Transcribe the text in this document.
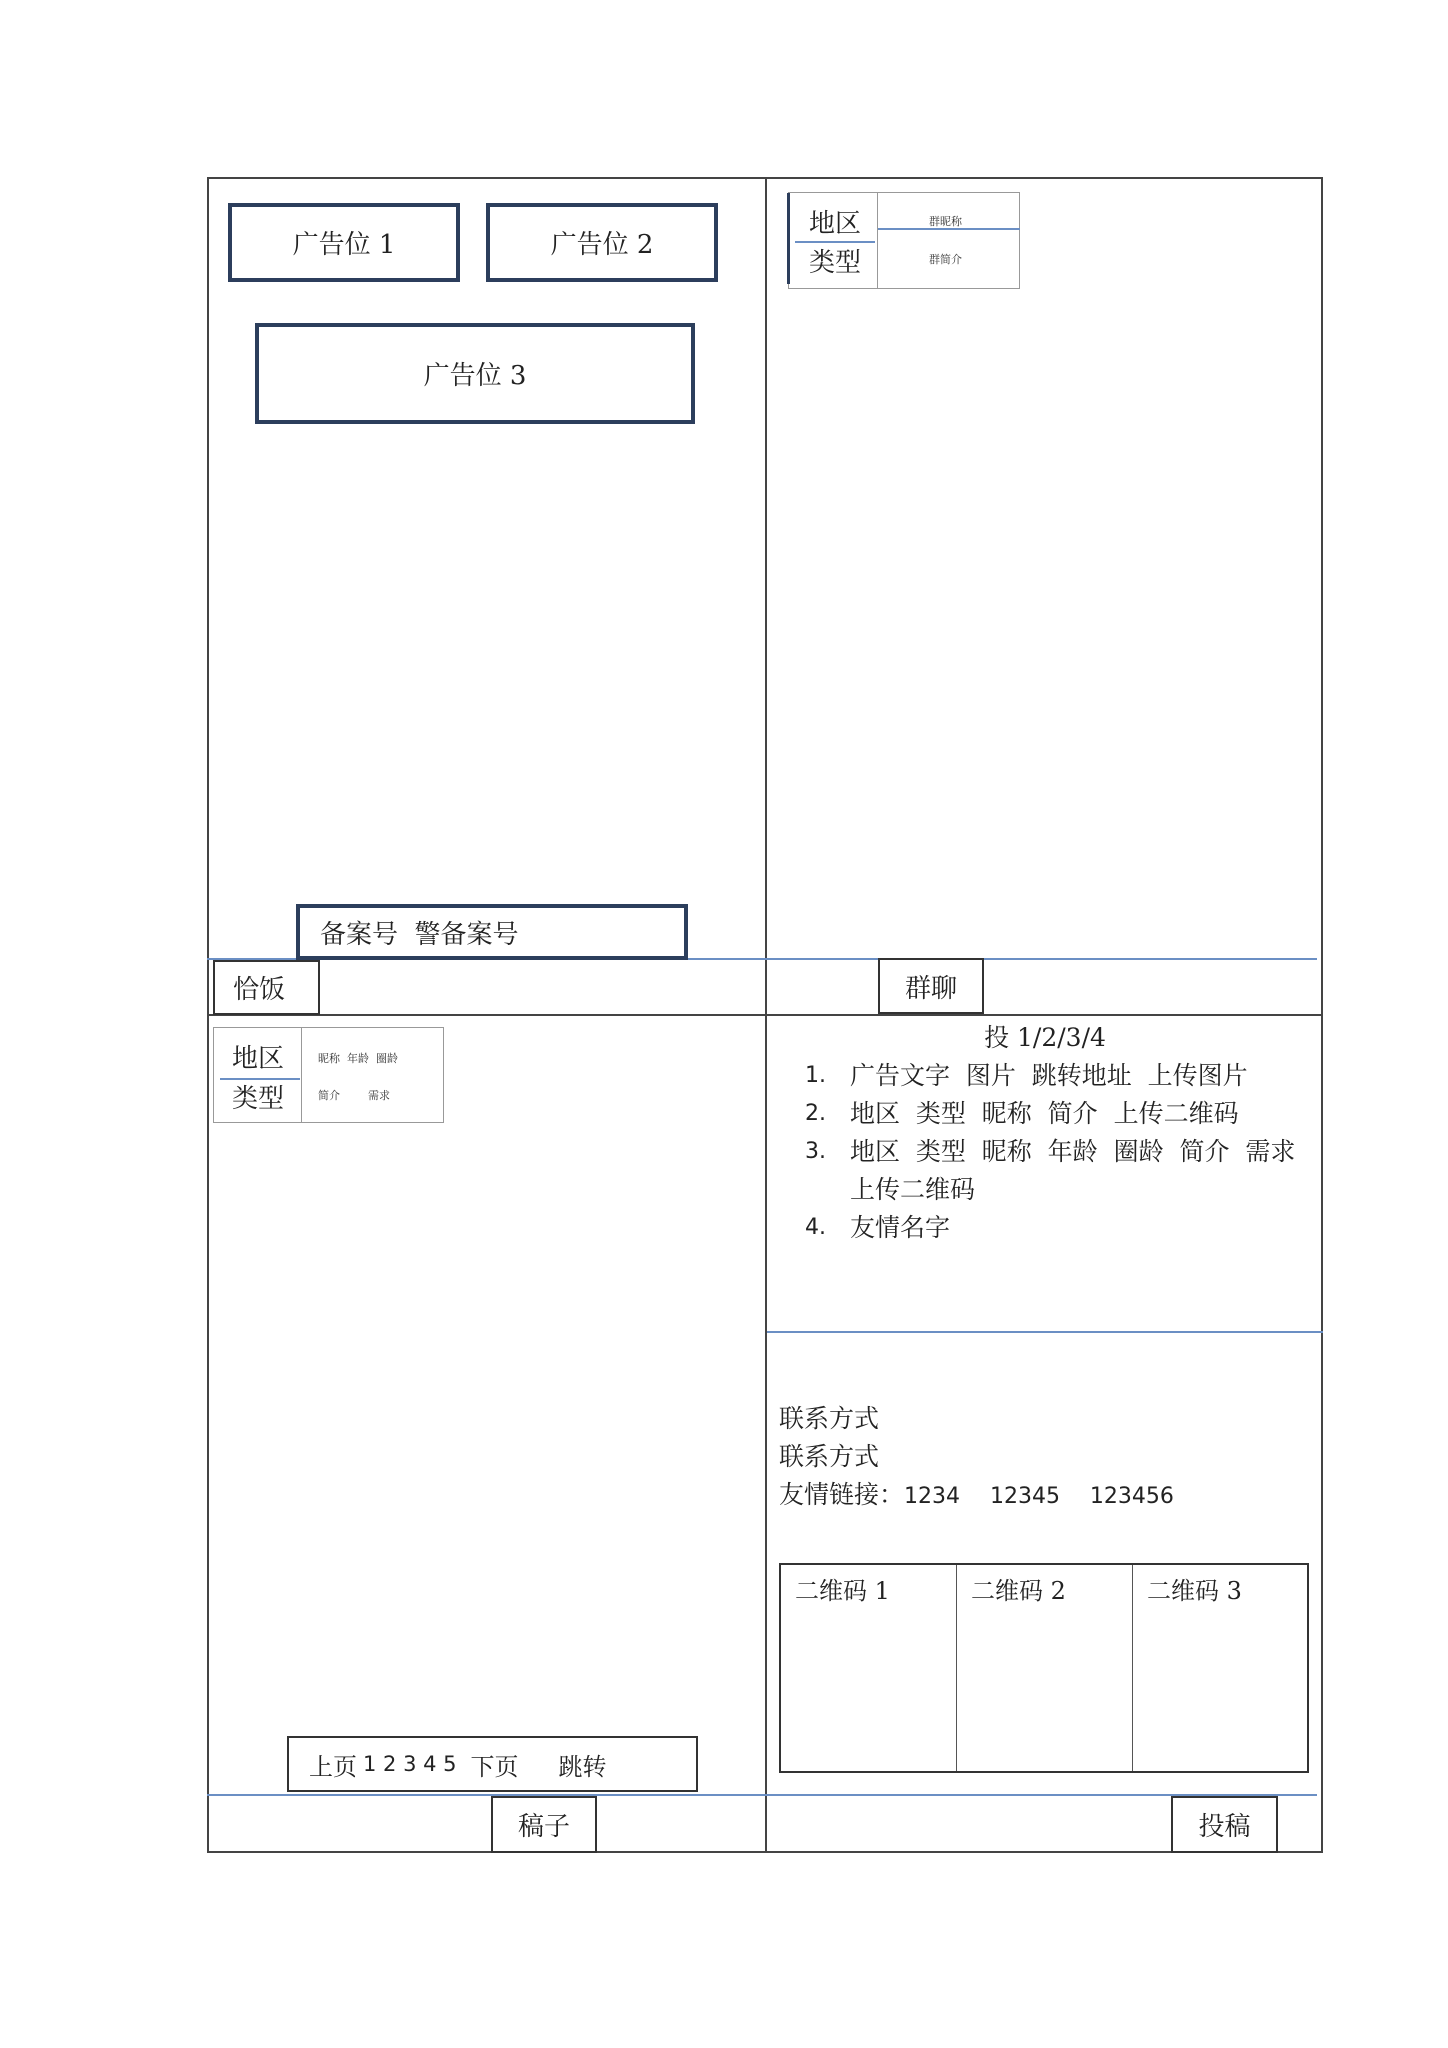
广告位 1	广告位 2
广告位 3
备案号  警备案号
恰饭	群聊
稿子	投稿
地区
类型
群昵称
群简介
地区
类型
昵称  年龄  圈龄
简介        需求
投 1/2/3/4
1. 广告文字  图片  跳转地址  上传图片
2. 地区  类型  昵称  简介  上传二维码
3. 地区  类型  昵称  年龄  圈龄  简介  需求
上传二维码
4. 友情名字
联系方式
联系方式
友情链接：1234 12345 123456
二维码 1	二维码 2	二维码 3
上页 1 2 3 4 5 下页 跳转
